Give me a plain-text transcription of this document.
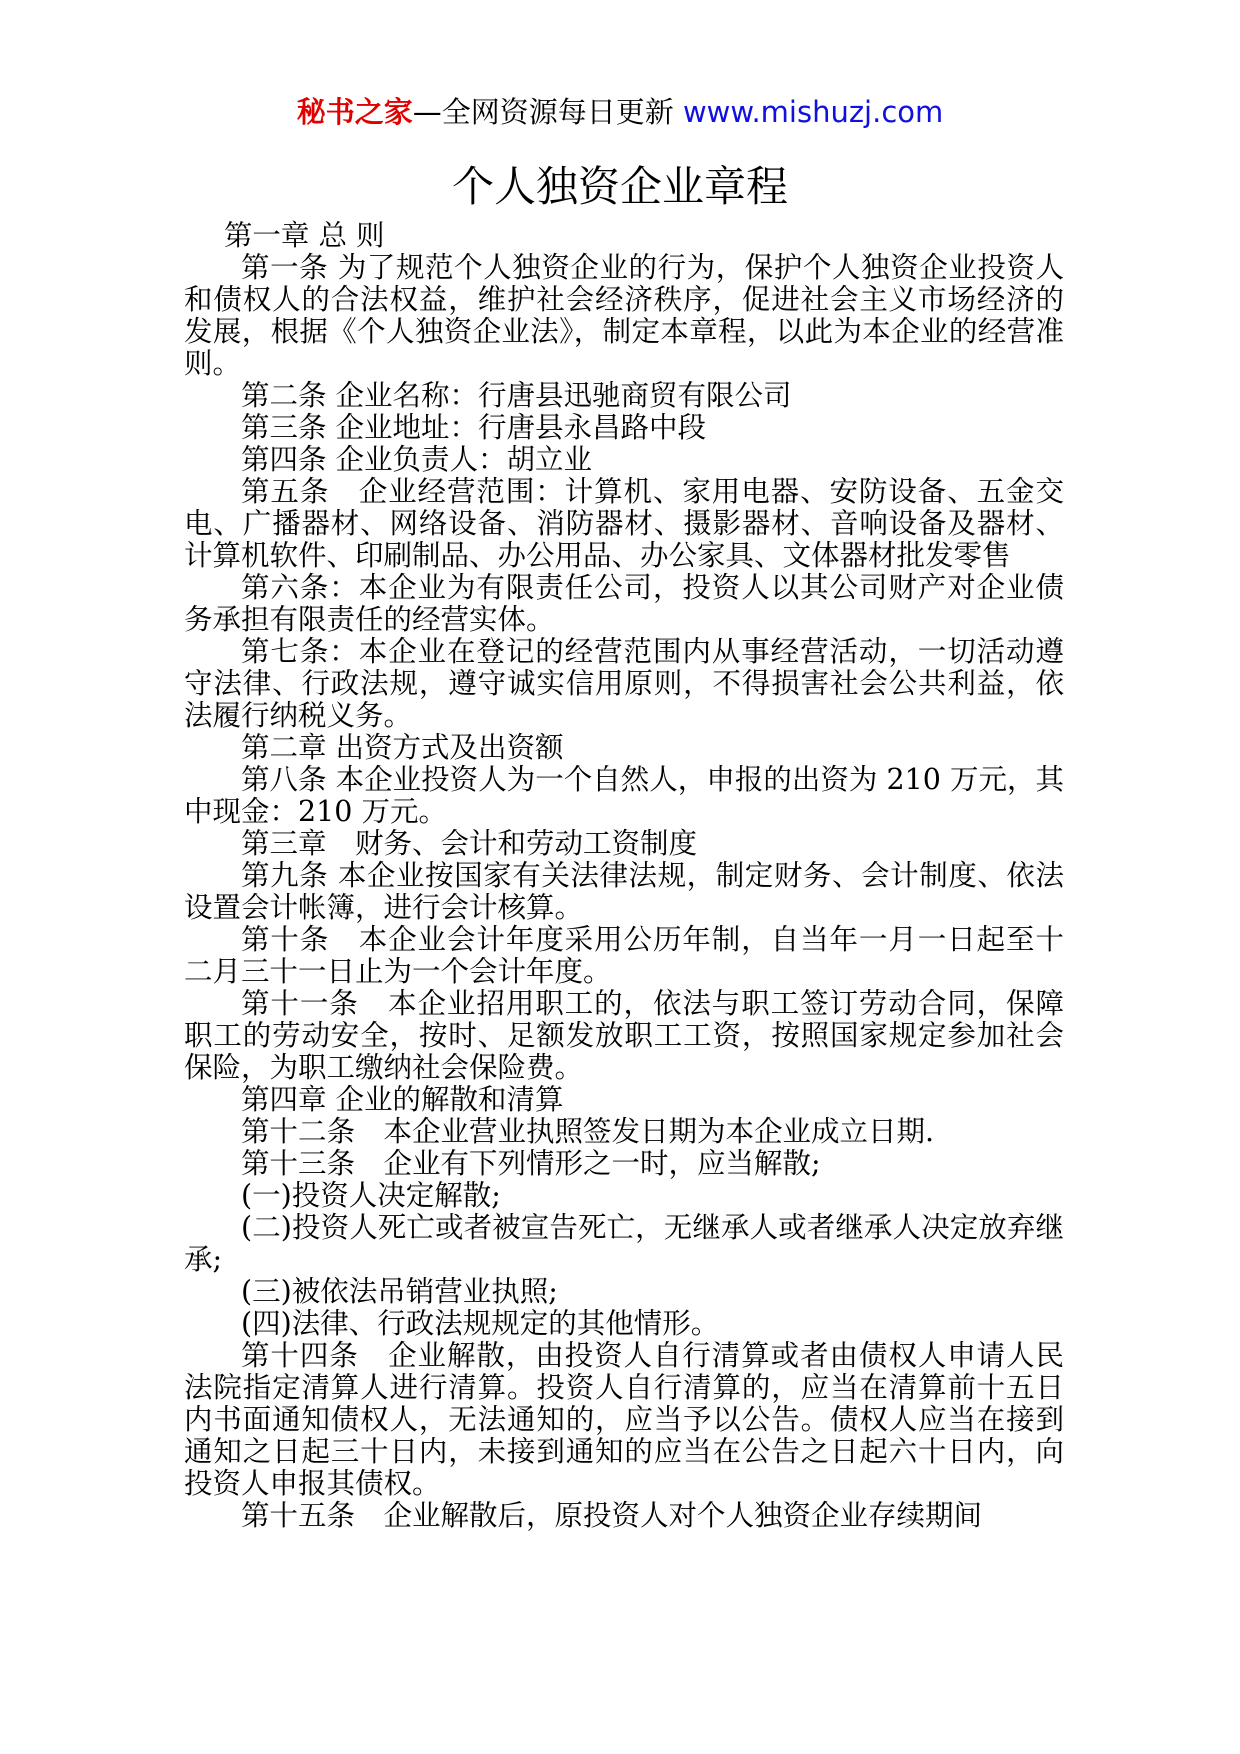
秘书之家—全网资源每日更新 www.mishuzj.com
个人独资企业章程

第一章 总 则

第一条 为了规范个人独资企业的行为，保护个人独资企业投资人和债权人的合法权益，维护社会经济秩序，促进社会主义市场经济的发展，根据《个人独资企业法》，制定本章程，以此为本企业的经营准则。

第二条 企业名称：行唐县迅驰商贸有限公司

第三条 企业地址：行唐县永昌路中段

第四条 企业负责人：胡立业

第五条　企业经营范围：计算机、家用电器、安防设备、五金交电、广播器材、网络设备、消防器材、摄影器材、音响设备及器材、计算机软件、印刷制品、办公用品、办公家具、文体器材批发零售

第六条：本企业为有限责任公司，投资人以其公司财产对企业债务承担有限责任的经营实体。

第七条：本企业在登记的经营范围内从事经营活动，一切活动遵守法律、行政法规，遵守诚实信用原则，不得损害社会公共利益，依法履行纳税义务。

第二章 出资方式及出资额

第八条 本企业投资人为一个自然人，申报的出资为 210 万元，其中现金：210 万元。

第三章　财务、会计和劳动工资制度

第九条 本企业按国家有关法律法规，制定财务、会计制度、依法设置会计帐簿，进行会计核算。

第十条　本企业会计年度采用公历年制，自当年一月一日起至十二月三十一日止为一个会计年度。

第十一条　本企业招用职工的，依法与职工签订劳动合同，保障职工的劳动安全，按时、足额发放职工工资，按照国家规定参加社会保险，为职工缴纳社会保险费。

第四章 企业的解散和清算

第十二条　本企业营业执照签发日期为本企业成立日期.

第十三条　企业有下列情形之一时，应当解散;

(一)投资人决定解散;

(二)投资人死亡或者被宣告死亡，无继承人或者继承人决定放弃继承;

(三)被依法吊销营业执照;

(四)法律、行政法规规定的其他情形。

第十四条　企业解散，由投资人自行清算或者由债权人申请人民法院指定清算人进行清算。投资人自行清算的，应当在清算前十五日内书面通知债权人，无法通知的，应当予以公告。债权人应当在接到通知之日起三十日内，未接到通知的应当在公告之日起六十日内，向投资人申报其债权。

第十五条　企业解散后，原投资人对个人独资企业存续期间
